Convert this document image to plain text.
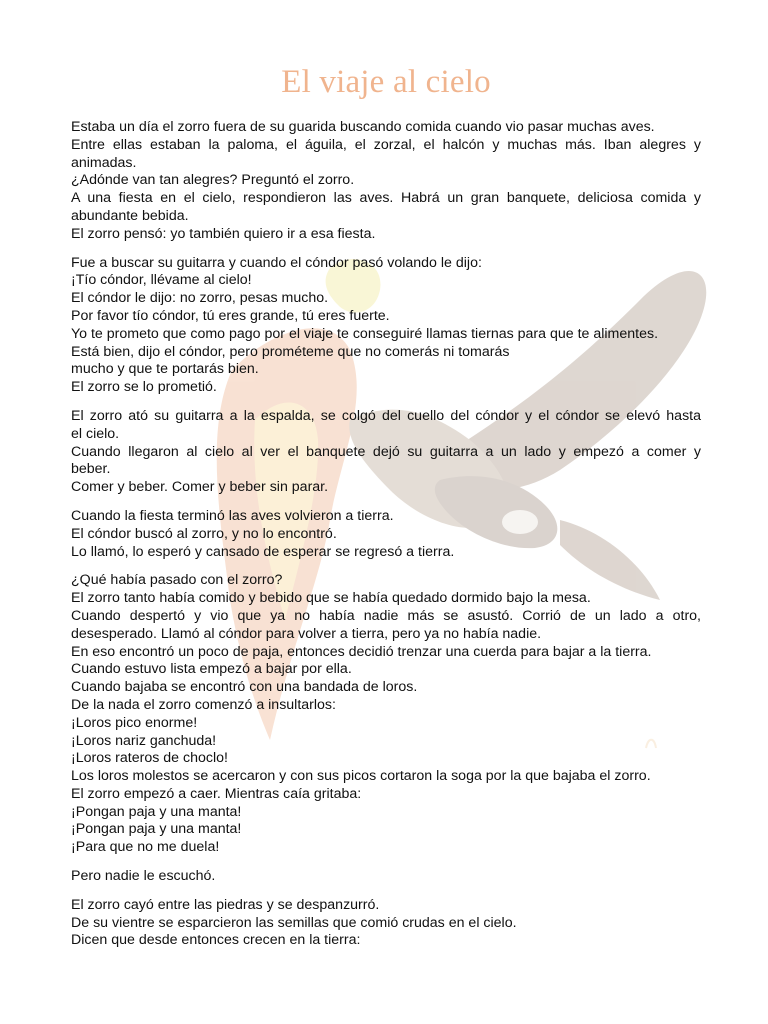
El viaje al cielo
Estaba un día el zorro fuera de su guarida buscando comida cuando vio pasar muchas aves.
Entre ellas estaban la paloma, el águila, el zorzal, el halcón y muchas más. Iban alegres y
animadas.
¿Adónde van tan alegres? Preguntó el zorro.
A una fiesta en el cielo, respondieron las aves. Habrá un gran banquete, deliciosa comida y
abundante bebida.
El zorro pensó: yo también quiero ir a esa fiesta.
Fue a buscar su guitarra y cuando el cóndor pasó volando le dijo:
¡Tío cóndor, llévame al cielo!
El cóndor le dijo: no zorro, pesas mucho.
Por favor tío cóndor, tú eres grande, tú eres fuerte.
Yo te prometo que como pago por el viaje te conseguiré llamas tiernas para que te alimentes.
Está bien, dijo el cóndor, pero prométeme que no comerás ni tomarás
mucho y que te portarás bien.
El zorro se lo prometió.
El zorro ató su guitarra a la espalda, se colgó del cuello del cóndor y el cóndor se elevó hasta
el cielo.
Cuando llegaron al cielo al ver el banquete dejó su guitarra a un lado y empezó a comer y
beber.
Comer y beber. Comer y beber sin parar.
Cuando la fiesta terminó las aves volvieron a tierra.
El cóndor buscó al zorro, y no lo encontró.
Lo llamó, lo esperó y cansado de esperar se regresó a tierra.
¿Qué había pasado con el zorro?
El zorro tanto había comido y bebido que se había quedado dormido bajo la mesa.
Cuando despertó y vio que ya no había nadie más se asustó. Corrió de un lado a otro,
desesperado. Llamó al cóndor para volver a tierra, pero ya no había nadie.
En eso encontró un poco de paja, entonces decidió trenzar una cuerda para bajar a la tierra.
Cuando estuvo lista empezó a bajar por ella.
Cuando bajaba se encontró con una bandada de loros.
De la nada el zorro comenzó a insultarlos:
¡Loros pico enorme!
¡Loros nariz ganchuda!
¡Loros rateros de choclo!
Los loros molestos se acercaron y con sus picos cortaron la soga por la que bajaba el zorro.
El zorro empezó a caer. Mientras caía gritaba:
¡Pongan paja y una manta!
¡Pongan paja y una manta!
¡Para que no me duela!
Pero nadie le escuchó.
El zorro cayó entre las piedras y se despanzurró.
De su vientre se esparcieron las semillas que comió crudas en el cielo.
Dicen que desde entonces crecen en la tierra:
